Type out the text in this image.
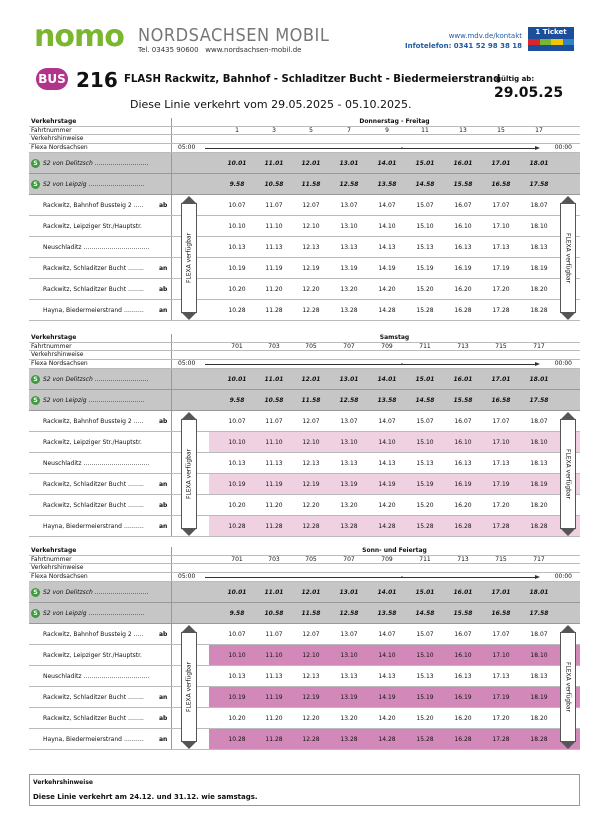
nomo NORDSACHSEN MOBIL
Tel. 03435 90600 www.nordsachsen-mobil.de
www.mdv.de/kontakt
Infotelefon: 0341 52 98 38 18
1 Ticket
BUS 216 FLASH Rackwitz, Bahnhof - Schladitzer Bucht - Biedermeierstrand
gültig ab:
29.05.25
Diese Linie verkehrt vom 29.05.2025 - 05.10.2025.
Verkehrstage	Donnerstag - Freitag
Fahrtnummer	1	3	5	7	9	11	13	15	17
Verkehrshinweise
Flexa Nordsachsen	05:00	-	00:00
S S2 von Delitzsch ………………………	10.01	11.01	12.01	13.01	14.01	15.01	16.01	17.01	18.01
S S2 von Leipzig ……………………….	9.58	10.58	11.58	12.58	13.58	14.58	15.58	16.58	17.58
Rackwitz, Bahnhof Bussteig 2 …..	ab	10.07	11.07	12.07	13.07	14.07	15.07	16.07	17.07	18.07
Rackwitz, Leipziger Str./Hauptstr.	10.10	11.10	12.10	13.10	14.10	15.10	16.10	17.10	18.10
Neuschladitz ……………………………	10.13	11.13	12.13	13.13	14.13	15.13	16.13	17.13	18.13
Rackwitz, Schladitzer Bucht ……..	an	10.19	11.19	12.19	13.19	14.19	15.19	16.19	17.19	18.19
Rackwitz, Schladitzer Bucht ……..	ab	10.20	11.20	12.20	13.20	14.20	15.20	16.20	17.20	18.20
Hayna, Biedermeierstrand ……….	an	10.28	11.28	12.28	13.28	14.28	15.28	16.28	17.28	18.28
FLEXA verfügbar	FLEXA verfügbar
Verkehrstage	Samstag
Fahrtnummer	701	703	705	707	709	711	713	715	717
Verkehrshinweise
Flexa Nordsachsen	05:00	-	00:00
S S2 von Delitzsch ………………………	10.01	11.01	12.01	13.01	14.01	15.01	16.01	17.01	18.01
S S2 von Leipzig ……………………….	9.58	10.58	11.58	12.58	13.58	14.58	15.58	16.58	17.58
Rackwitz, Bahnhof Bussteig 2 …..	ab	10.07	11.07	12.07	13.07	14.07	15.07	16.07	17.07	18.07
Rackwitz, Leipziger Str./Hauptstr.	10.10	11.10	12.10	13.10	14.10	15.10	16.10	17.10	18.10
Neuschladitz ……………………………	10.13	11.13	12.13	13.13	14.13	15.13	16.13	17.13	18.13
Rackwitz, Schladitzer Bucht ……..	an	10.19	11.19	12.19	13.19	14.19	15.19	16.19	17.19	18.19
Rackwitz, Schladitzer Bucht ……..	ab	10.20	11.20	12.20	13.20	14.20	15.20	16.20	17.20	18.20
Hayna, Biedermeierstrand ……….	an	10.28	11.28	12.28	13.28	14.28	15.28	16.28	17.28	18.28
FLEXA verfügbar	FLEXA verfügbar
Verkehrstage	Sonn- und Feiertag
Fahrtnummer	701	703	705	707	709	711	713	715	717
Verkehrshinweise
Flexa Nordsachsen	05:00	-	00:00
S S2 von Delitzsch ………………………	10.01	11.01	12.01	13.01	14.01	15.01	16.01	17.01	18.01
S S2 von Leipzig ……………………….	9.58	10.58	11.58	12.58	13.58	14.58	15.58	16.58	17.58
Rackwitz, Bahnhof Bussteig 2 …..	ab	10.07	11.07	12.07	13.07	14.07	15.07	16.07	17.07	18.07
Rackwitz, Leipziger Str./Hauptstr.	10.10	11.10	12.10	13.10	14.10	15.10	16.10	17.10	18.10
Neuschladitz ……………………………	10.13	11.13	12.13	13.13	14.13	15.13	16.13	17.13	18.13
Rackwitz, Schladitzer Bucht ……..	an	10.19	11.19	12.19	13.19	14.19	15.19	16.19	17.19	18.19
Rackwitz, Schladitzer Bucht ……..	ab	10.20	11.20	12.20	13.20	14.20	15.20	16.20	17.20	18.20
Hayna, Biedermeierstrand ……….	an	10.28	11.28	12.28	13.28	14.28	15.28	16.28	17.28	18.28
FLEXA verfügbar	FLEXA verfügbar
Verkehrshinweise
Diese Linie verkehrt am 24.12. und 31.12. wie samstags.
